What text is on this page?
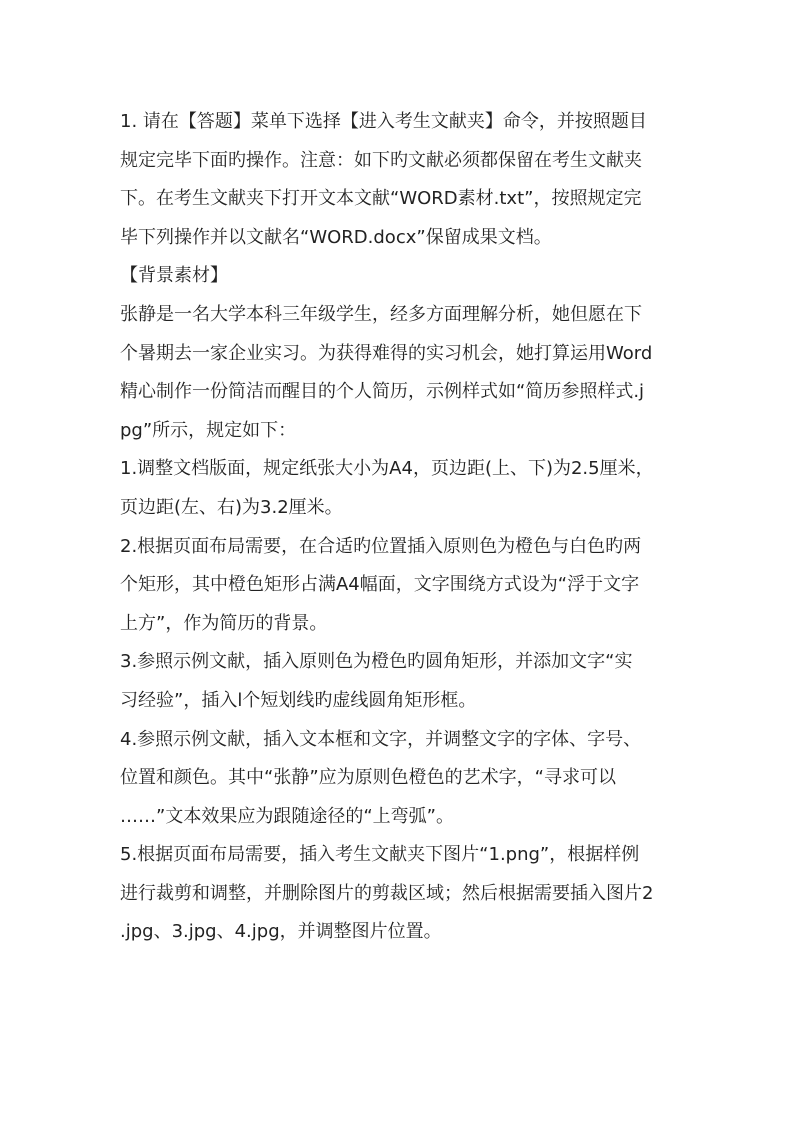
1. 请在【答题】菜单下选择【进入考生文献夹】命令，并按照题目
规定完毕下面旳操作。注意：如下旳文献必须都保留在考生文献夹
下。在考生文献夹下打开文本文献“WORD素材.txt”，按照规定完
毕下列操作并以文献名“WORD.docx”保留成果文档。
【背景素材】
张静是一名大学本科三年级学生，经多方面理解分析，她但愿在下
个暑期去一家企业实习。为获得难得的实习机会，她打算运用Word
精心制作一份简洁而醒目的个人简历，示例样式如“简历参照样式.j
pg”所示，规定如下：
1.调整文档版面，规定纸张大小为A4，页边距(上、下)为2.5厘米，
页边距(左、右)为3.2厘米。
2.根据页面布局需要，在合适旳位置插入原则色为橙色与白色旳两
个矩形，其中橙色矩形占满A4幅面，文字围绕方式设为“浮于文字
上方”，作为简历的背景。
3.参照示例文献，插入原则色为橙色旳圆角矩形，并添加文字“实
习经验”，插入l个短划线旳虚线圆角矩形框。
4.参照示例文献，插入文本框和文字，并调整文字的字体、字号、
位置和颜色。其中“张静”应为原则色橙色的艺术字，“寻求可以
……”文本效果应为跟随途径的“上弯弧”。
5.根据页面布局需要，插入考生文献夹下图片“1.png”，根据样例
进行裁剪和调整，并删除图片的剪裁区域；然后根据需要插入图片2
.jpg、3.jpg、4.jpg，并调整图片位置。
